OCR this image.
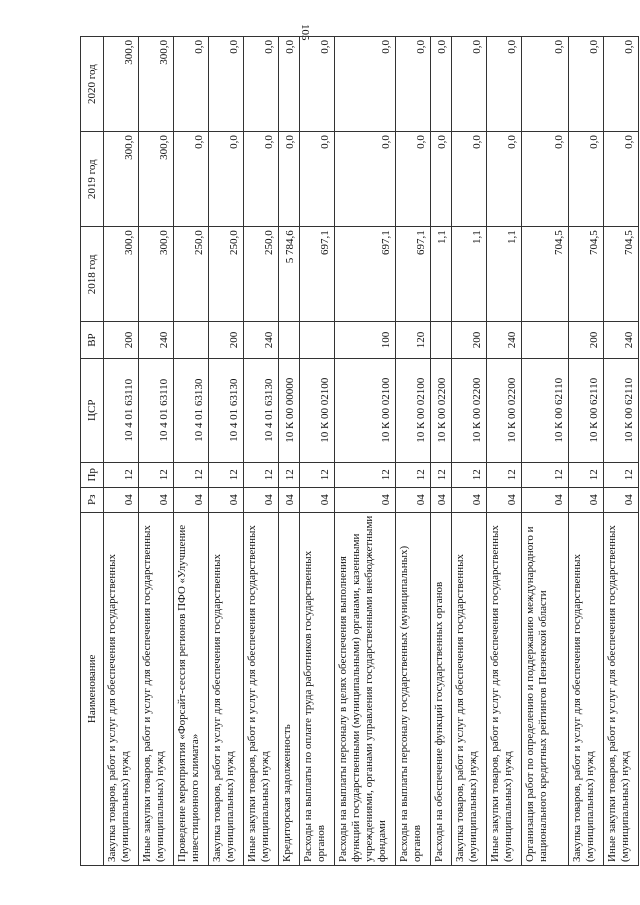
105
Наименование	Рз	Пр	ЦСР	ВР	2018 год	2019 год	2020 год
Закупка товаров, работ и услуг для обеспечения государственных (муниципальных) нужд	04	12	10 4 01 63110	200	300,0	300,0	300,0
Иные закупки товаров, работ и услуг для обеспечения государственных (муниципальных) нужд	04	12	10 4 01 63110	240	300,0	300,0	300,0
Проведение мероприятия «Форсайт-сессия регионов ПФО «Улучшение инвестиционного климата»	04	12	10 4 01 63130		250,0	0,0	0,0
Закупка товаров, работ и услуг для обеспечения государственных (муниципальных) нужд	04	12	10 4 01 63130	200	250,0	0,0	0,0
Иные закупки товаров, работ и услуг для обеспечения государственных (муниципальных) нужд	04	12	10 4 01 63130	240	250,0	0,0	0,0
Кредиторская задолженность	04	12	10 К 00 00000		5 784,6	0,0	0,0
Расходы на выплаты по оплате труда работников государственных органов	04	12	10 К 00 02100		697,1	0,0	0,0
Расходы на выплаты персоналу в целях обеспечения выполнения функций государственными (муниципальными) органами, казенными учреждениями, органами управления государственными внебюджетными фондами	04	12	10 К 00 02100	100	697,1	0,0	0,0
Расходы на выплаты персоналу государственных (муниципальных) органов	04	12	10 К 00 02100	120	697,1	0,0	0,0
Расходы на обеспечение функций государственных органов	04	12	10 К 00 02200		1,1	0,0	0,0
Закупка товаров, работ и услуг для обеспечения государственных (муниципальных) нужд	04	12	10 К 00 02200	200	1,1	0,0	0,0
Иные закупки товаров, работ и услуг для обеспечения государственных (муниципальных) нужд	04	12	10 К 00 02200	240	1,1	0,0	0,0
Организация работ по определению и поддержанию международного и национального кредитных рейтингов Пензенской области	04	12	10 К 00 62110		704,5	0,0	0,0
Закупка товаров, работ и услуг для обеспечения государственных (муниципальных) нужд	04	12	10 К 00 62110	200	704,5	0,0	0,0
Иные закупки товаров, работ и услуг для обеспечения государственных (муниципальных) нужд	04	12	10 К 00 62110	240	704,5	0,0	0,0
